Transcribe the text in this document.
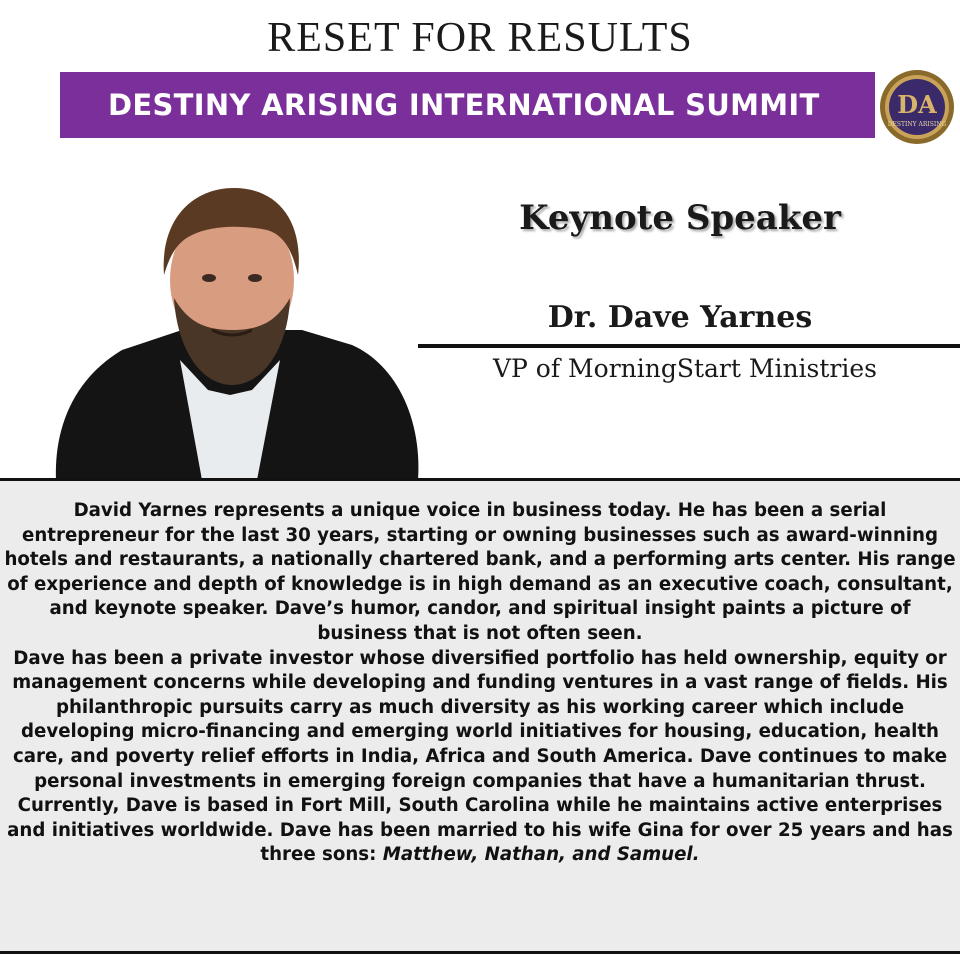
RESET FOR RESULTS
DESTINY ARISING INTERNATIONAL SUMMIT	DA
DESTINY ARISING
Keynote Speaker
Dr. Dave Yarnes
VP of MorningStart Ministries

David Yarnes represents a unique voice in business today. He has been a serial entrepreneur for the last 30 years, starting or owning businesses such as award-winning hotels and restaurants, a nationally chartered bank, and a performing arts center. His range of experience and depth of knowledge is in high demand as an executive coach, consultant, and keynote speaker. Dave’s humor, candor, and spiritual insight paints a picture of business that is not often seen.

Dave has been a private investor whose diversified portfolio has held ownership, equity or management concerns while developing and funding ventures in a vast range of fields. His philanthropic pursuits carry as much diversity as his working career which include developing micro-financing and emerging world initiatives for housing, education, health care, and poverty relief efforts in India, Africa and South America. Dave continues to make personal investments in emerging foreign companies that have a humanitarian thrust.

Currently, Dave is based in Fort Mill, South Carolina while he maintains active enterprises and initiatives worldwide. Dave has been married to his wife Gina for over 25 years and has three sons: Matthew, Nathan, and Samuel.
